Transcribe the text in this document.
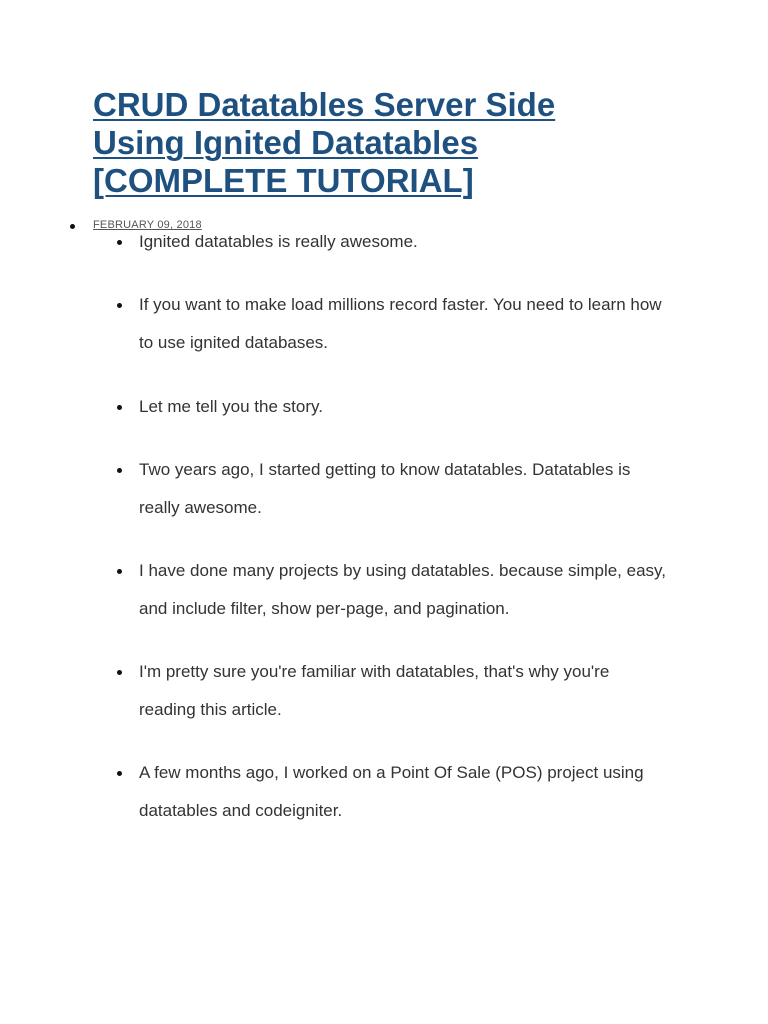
CRUD Datatables Server Side Using Ignited Datatables [COMPLETE TUTORIAL]
FEBRUARY 09, 2018
Ignited datatables is really awesome.
If you want to make load millions record faster. You need to learn how to use ignited databases.
Let me tell you the story.
Two years ago, I started getting to know datatables. Datatables is really awesome.
I have done many projects by using datatables. because simple, easy, and include filter, show per-page, and pagination.
I'm pretty sure you're familiar with datatables, that's why you're reading this article.
A few months ago, I worked on a Point Of Sale (POS) project using datatables and codeigniter.
